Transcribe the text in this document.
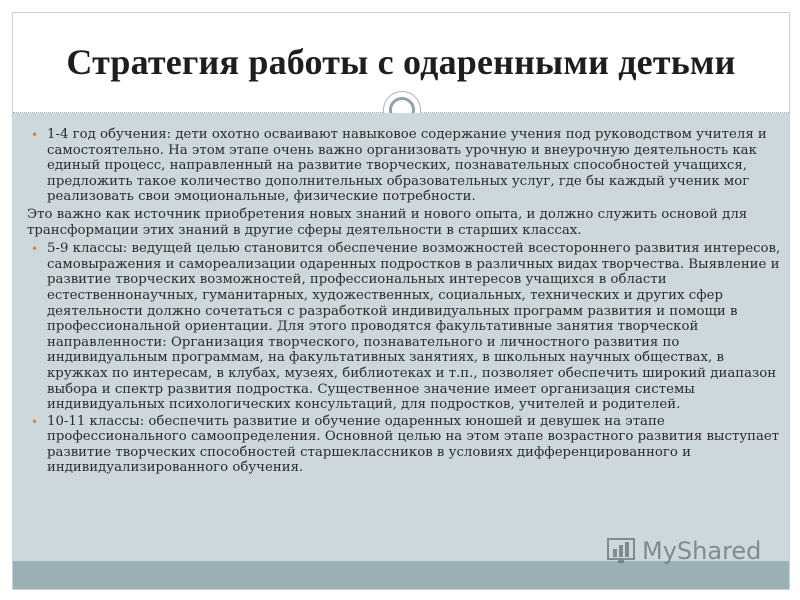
Стратегия работы с одаренными детьми
• 1-4 год обучения: дети охотно осваивают навыковое содержание учения под руководством учителя и самостоятельно. На этом этапе очень важно организовать урочную и внеурочную деятельность как единый процесс, направленный на развитие творческих, познавательных способностей учащихся, предложить такое количество дополнительных образовательных услуг, где бы каждый ученик мог реализовать свои эмоциональные, физические потребности.
Это важно как источник приобретения новых знаний и нового опыта, и должно служить основой для трансформации этих знаний в другие сферы деятельности в старших классах.
• 5-9 классы: ведущей целью становится обеспечение возможностей всестороннего развития интересов, самовыражения и самореализации одаренных подростков в различных видах творчества. Выявление и развитие творческих возможностей, профессиональных интересов учащихся в области естественнонаучных, гуманитарных, художественных, социальных, технических и других сфер деятельности должно сочетаться с разработкой индивидуальных программ развития и помощи в профессиональной ориентации. Для этого проводятся факультативные занятия творческой направленности: Организация творческого, познавательного и личностного развития по индивидуальным программам, на факультативных занятиях, в школьных научных обществах, в кружках по интересам, в клубах, музеях, библиотеках и т.п., позволяет обеспечить широкий диапазон выбора и спектр развития подростка. Существенное значение имеет организация системы индивидуальных психологических консультаций, для подростков, учителей и родителей.
• 10-11 классы: обеспечить развитие и обучение одаренных юношей и девушек на этапе профессионального самоопределения. Основной целью на этом этапе возрастного развития выступает развитие творческих способностей старшеклассников в условиях дифференцированного и индивидуализированного обучения.
MyShared
